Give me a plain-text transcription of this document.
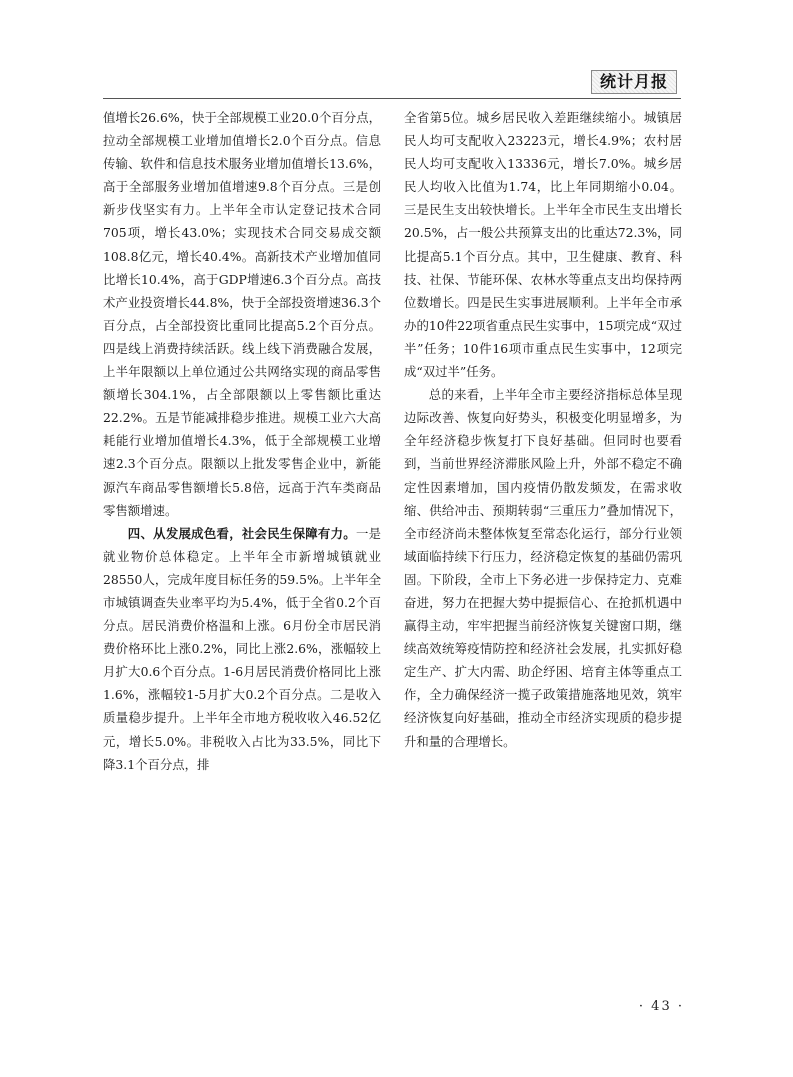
统计月报

值增长26.6%，快于全部规模工业20.0个百分点，拉动全部规模工业增加值增长2.0个百分点。信息传输、软件和信息技术服务业增加值增长13.6%，高于全部服务业增加值增速9.8个百分点。三是创新步伐坚实有力。上半年全市认定登记技术合同705项，增长43.0%；实现技术合同交易成交额108.8亿元，增长40.4%。高新技术产业增加值同比增长10.4%，高于GDP增速6.3个百分点。高技术产业投资增长44.8%，快于全部投资增速36.3个百分点，占全部投资比重同比提高5.2个百分点。四是线上消费持续活跃。线上线下消费融合发展，上半年限额以上单位通过公共网络实现的商品零售额增长304.1%，占全部限额以上零售额比重达22.2%。五是节能减排稳步推进。规模工业六大高耗能行业增加值增长4.3%，低于全部规模工业增速2.3个百分点。限额以上批发零售企业中，新能源汽车商品零售额增长5.8倍，远高于汽车类商品零售额增速。

四、从发展成色看，社会民生保障有力。一是就业物价总体稳定。上半年全市新增城镇就业28550人，完成年度目标任务的59.5%。上半年全市城镇调查失业率平均为5.4%，低于全省0.2个百分点。居民消费价格温和上涨。6月份全市居民消费价格环比上涨0.2%，同比上涨2.6%，涨幅较上月扩大0.6个百分点。1-6月居民消费价格同比上涨1.6%，涨幅较1-5月扩大0.2个百分点。二是收入质量稳步提升。上半年全市地方税收收入46.52亿元，增长5.0%。非税收入占比为33.5%，同比下降3.1个百分点，排

全省第5位。城乡居民收入差距继续缩小。城镇居民人均可支配收入23223元，增长4.9%；农村居民人均可支配收入13336元，增长7.0%。城乡居民人均收入比值为1.74，比上年同期缩小0.04。三是民生支出较快增长。上半年全市民生支出增长20.5%，占一般公共预算支出的比重达72.3%，同比提高5.1个百分点。其中，卫生健康、教育、科技、社保、节能环保、农林水等重点支出均保持两位数增长。四是民生实事进展顺利。上半年全市承办的10件22项省重点民生实事中，15项完成“双过半”任务；10件16项市重点民生实事中，12项完成“双过半”任务。

总的来看，上半年全市主要经济指标总体呈现边际改善、恢复向好势头，积极变化明显增多，为全年经济稳步恢复打下良好基础。但同时也要看到，当前世界经济滞胀风险上升，外部不稳定不确定性因素增加，国内疫情仍散发频发，在需求收缩、供给冲击、预期转弱“三重压力”叠加情况下，全市经济尚未整体恢复至常态化运行，部分行业领域面临持续下行压力，经济稳定恢复的基础仍需巩固。下阶段，全市上下务必进一步保持定力、克难奋进，努力在把握大势中提振信心、在抢抓机遇中赢得主动，牢牢把握当前经济恢复关键窗口期，继续高效统筹疫情防控和经济社会发展，扎实抓好稳定生产、扩大内需、助企纾困、培育主体等重点工作，全力确保经济一揽子政策措施落地见效，筑牢经济恢复向好基础，推动全市经济实现质的稳步提升和量的合理增长。

· 43 ·
